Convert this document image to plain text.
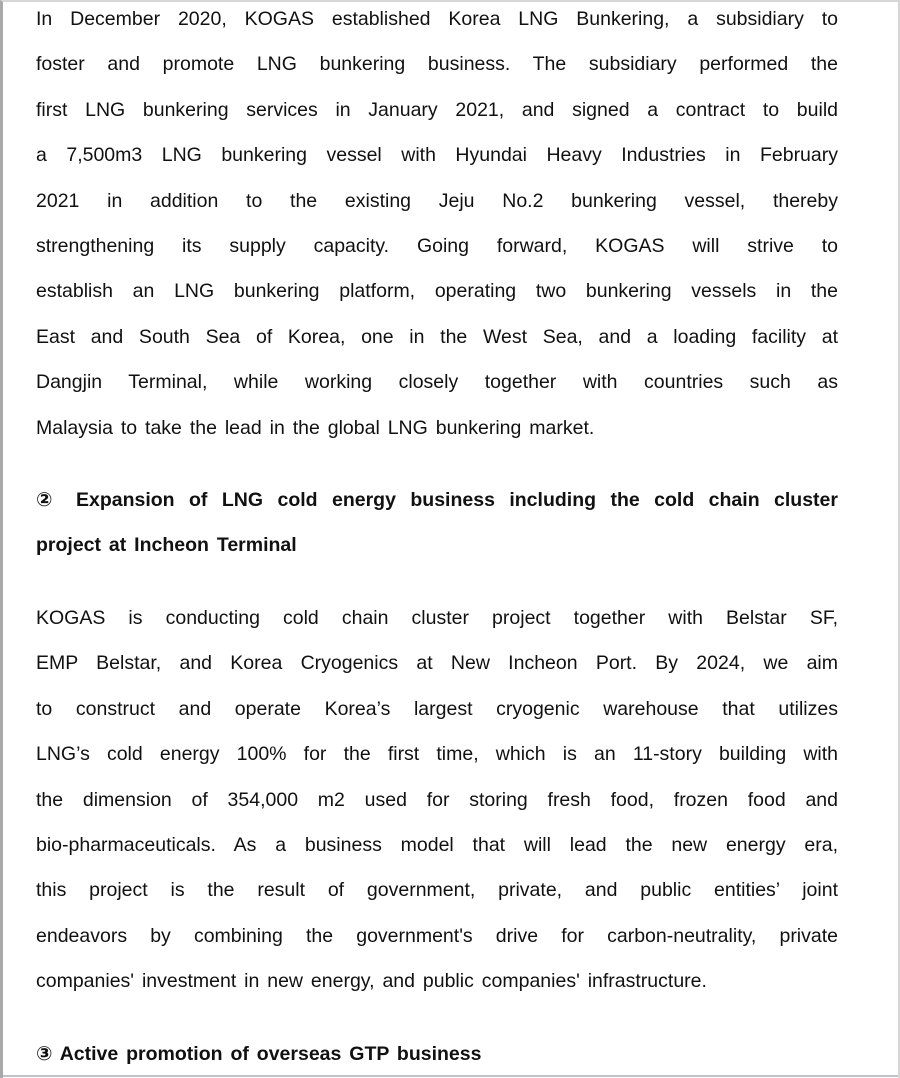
In December 2020, KOGAS established Korea LNG Bunkering, a subsidiary to
foster and promote LNG bunkering business. The subsidiary performed the
first LNG bunkering services in January 2021, and signed a contract to build
a 7,500m3 LNG bunkering vessel with Hyundai Heavy Industries in February
2021 in addition to the existing Jeju No.2 bunkering vessel, thereby
strengthening its supply capacity. Going forward, KOGAS will strive to
establish an LNG bunkering platform, operating two bunkering vessels in the
East and South Sea of Korea, one in the West Sea, and a loading facility at
Dangjin Terminal, while working closely together with countries such as
Malaysia to take the lead in the global LNG bunkering market.
② Expansion of LNG cold energy business including the cold chain cluster
project at Incheon Terminal
KOGAS is conducting cold chain cluster project together with Belstar SF,
EMP Belstar, and Korea Cryogenics at New Incheon Port. By 2024, we aim
to construct and operate Korea’s largest cryogenic warehouse that utilizes
LNG’s cold energy 100% for the first time, which is an 11-story building with
the dimension of 354,000 m2 used for storing fresh food, frozen food and
bio-pharmaceuticals. As a business model that will lead the new energy era,
this project is the result of government, private, and public entities’ joint
endeavors by combining the government's drive for carbon-neutrality, private
companies' investment in new energy, and public companies' infrastructure.
③ Active promotion of overseas GTP business
